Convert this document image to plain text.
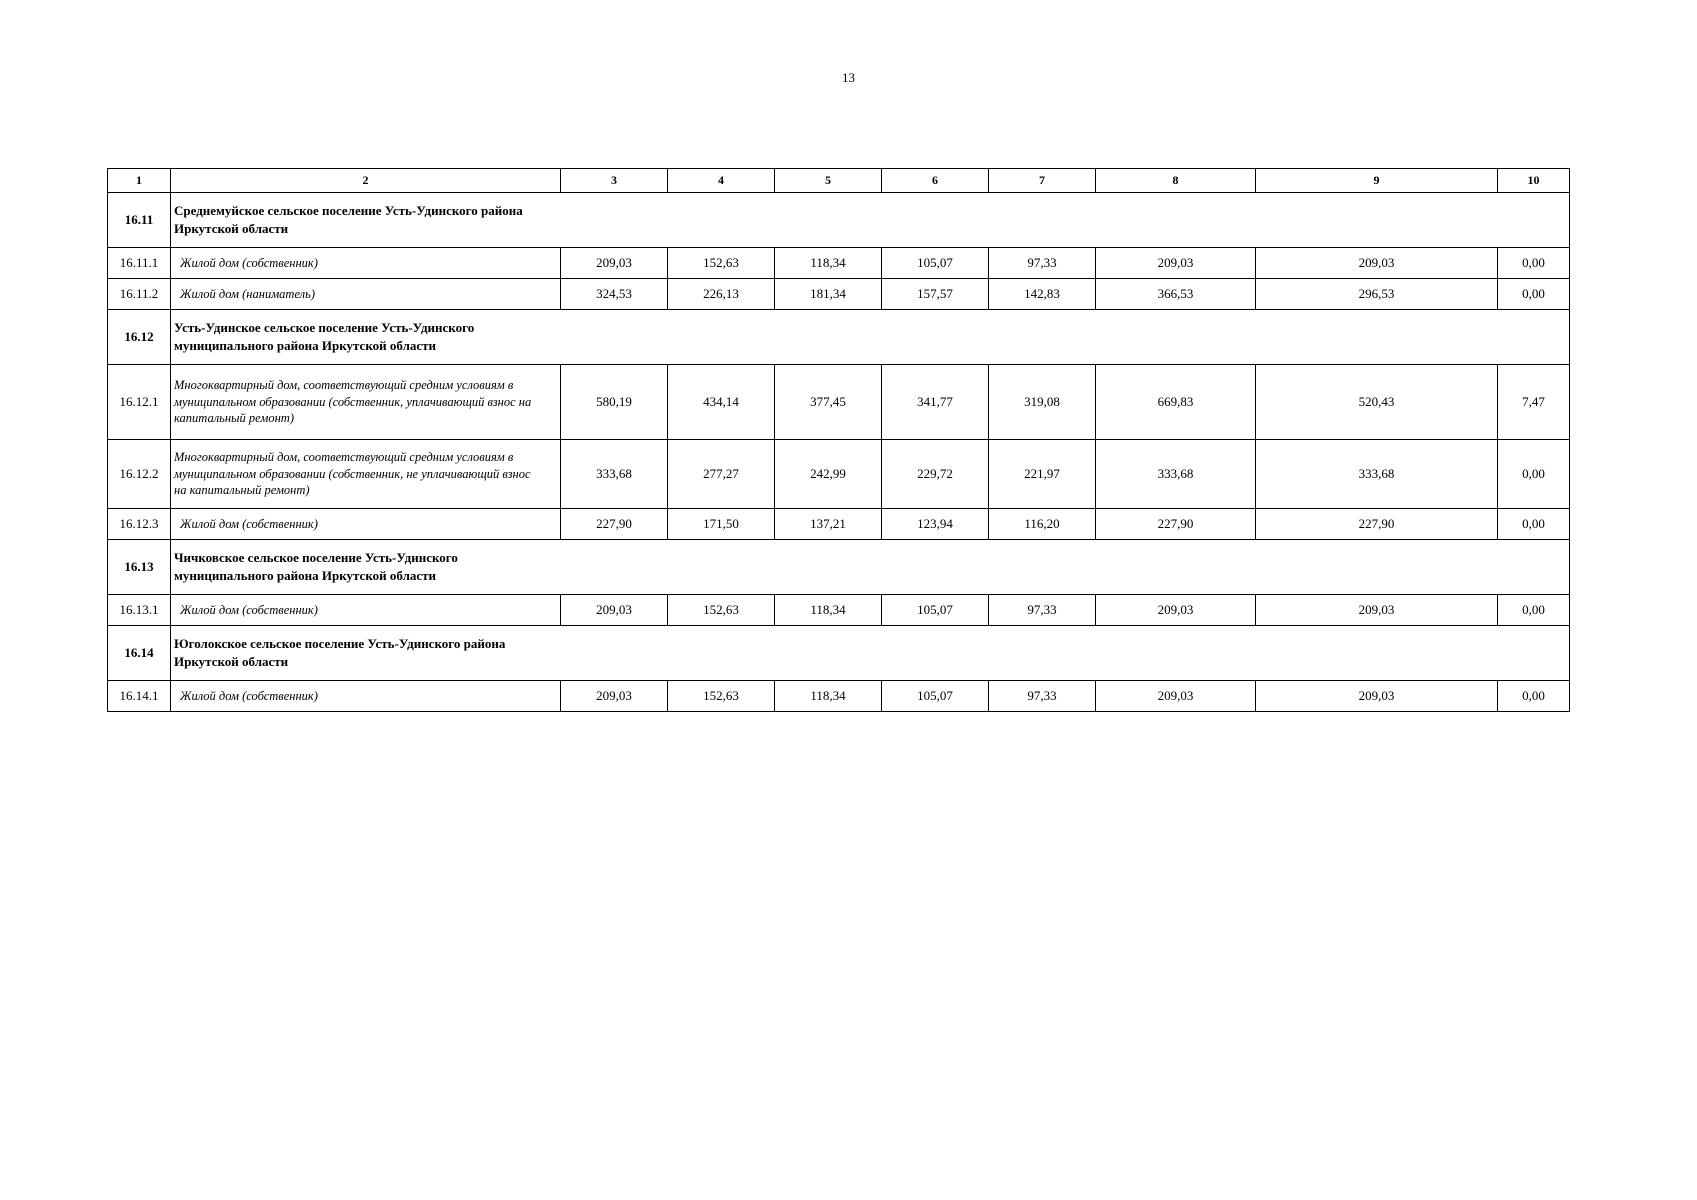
13
1	2	3	4	5	6	7	8	9	10
16.11	Среднемуйское сельское поселение Усть-Удинского района Иркутской области								

16.11.1	Жилой дом (собственник)	209,03	152,63	118,34	105,07	97,33	209,03	209,03	0,00
16.11.2	Жилой дом (наниматель)	324,53	226,13	181,34	157,57	142,83	366,53	296,53	0,00
16.12	Усть-Удинское сельское поселение Усть-Удинского муниципального района Иркутской области								

16.12.1	Многоквартирный дом, соответствующий средним условиям в муниципальном образовании (собственник, уплачивающий взнос на капитальный ремонт)	580,19	434,14	377,45	341,77	319,08	669,83	520,43	7,47
16.12.2	Многоквартирный дом, соответствующий средним условиям в муниципальном образовании (собственник, не уплачивающий взнос на капитальный ремонт)	333,68	277,27	242,99	229,72	221,97	333,68	333,68	0,00
16.12.3	Жилой дом (собственник)	227,90	171,50	137,21	123,94	116,20	227,90	227,90	0,00
16.13	Чичковское сельское поселение Усть-Удинского муниципального района Иркутской области								

16.13.1	Жилой дом (собственник)	209,03	152,63	118,34	105,07	97,33	209,03	209,03	0,00
16.14	Юголокское сельское поселение Усть-Удинского района Иркутской области								

16.14.1	Жилой дом (собственник)	209,03	152,63	118,34	105,07	97,33	209,03	209,03	0,00
